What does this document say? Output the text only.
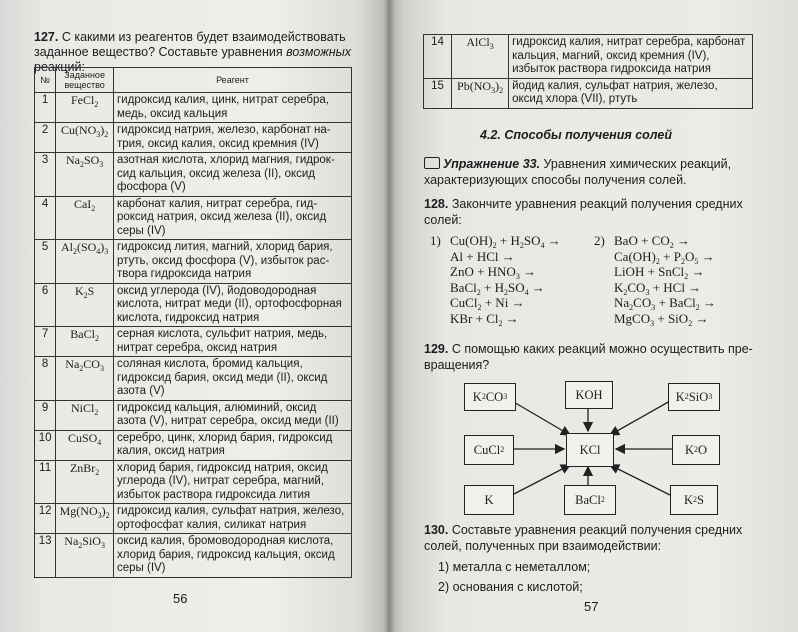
127. С какими из реагентов будет взаимодействовать заданное вещество? Составьте уравнения возможных реакций:
№	Заданное вещество	Реагент
1	FeCl$_2$	гидроксид калия, цинк, нитрат серебра, медь, оксид кальция
2	$Cu(NO_3)_2$	гидроксид натрия, железо, карбонат натрия, оксид калия, оксид кремния (IV)
3	$Na_2SO_3$	азотная кислота, хлорид магния, гидроксид кальция, оксид железа (II), оксид фосфора (V)
4	CaI$_2$	карбонат калия, нитрат серебра, гидроксид натрия, оксид железа (II), оксид серы (IV)
5	$Al_2(SO_4)_3$	гидроксид лития, магний, хлорид бария, ртуть, оксид фосфора (V), избыток раствора гидроксида натрия
6	$K_2S$	оксид углерода (IV), йодоводородная кислота, нитрат меди (II), ортофосфорная кислота, гидроксид натрия
7	BaCl$_2$	серная кислота, сульфит натрия, медь, нитрат серебра, оксид натрия
8	$Na_2CO_3$	соляная кислота, бромид кальция, гидроксид бария, оксид меди (II), оксид азота (V)
9	NiCl$_2$	гидроксид кальция, алюминий, оксид азота (V), нитрат серебра, оксид меди (II)
10	CuSO$_4$	серебро, цинк, хлорид бария, гидроксид калия, оксид натрия
11	ZnBr$_2$	хлорид бария, гидроксид натрия, оксид углерода (IV), нитрат серебра, магний, избыток раствора гидроксида лития
12	$Mg(NO_3)_2$	гидроксид калия, сульфат натрия, железо, ортофосфат калия, силикат натрия
13	$Na_2SiO_3$	оксид калия, бромоводородная кислота, хлорид бария, гидроксид кальция, оксид серы (IV)
56
14	AlCl$_3$	гидроксид калия, нитрат серебра, карбонат кальция, магний, оксид кремния (IV), избыток раствора гидроксида натрия
15	$Pb(NO_3)_2$	йодид калия, сульфат натрия, железо, оксид хлора (VII), ртуть
4.2. Способы получения солей
Упражнение 33. Уравнения химических реакций, характеризующих способы получения солей.
128. Закончите уравнения реакций получения средних солей:
1) $Cu(OH)_2 + H_2SO_4$ →
Al + HCl →
ZnO + $HNO_3$ →
BaCl$_2$ + $H_2SO_4$ →
CuCl$_2$ + Ni →
KBr + $Cl_2$ →
2) BaO + $CO_2$ →
$Ca(OH)_2 + P_2O_5$ →
LiOH + SnCl$_2$ →
$K_2CO_3$ + HCl →
$Na_2CO_3$ + BaCl$_2$ →
MgCO$_3$ + SiO$_2$ →
129. С помощью каких реакций можно осуществить превращения?
K 2 CO 3	KOH	K 2 SiO 3
CuCl 2	KCl	K 2 O
K	BaCl 2	K 2 S
130. Составьте уравнения реакций получения средних солей, полученных при взаимодействии:
1) металла с неметаллом;
2) основания с кислотой;
57
